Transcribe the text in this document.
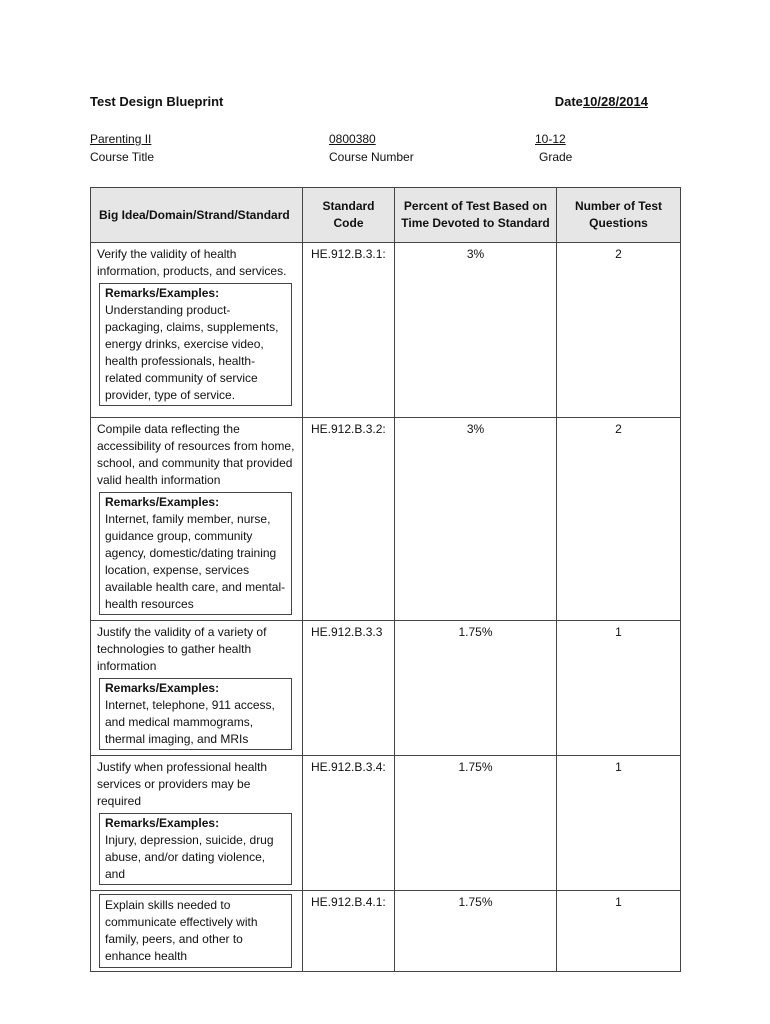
Test Design Blueprint	Date10/28/2014
Parenting II
Course Title
0800380
Course Number
10-12
Grade
Big Idea/Domain/Strand/Standard	Standard Code	Percent of Test Based on Time Devoted to Standard	Number of Test Questions

Verify the validity of health information, products, and services.
Remarks/Examples:
Understanding product-packaging, claims, supplements, energy drinks, exercise video, health professionals, health-related community of service provider, type of service.	HE.912.B.3.1:	3%	2

Compile data reflecting the accessibility of resources from home, school, and community that provided valid health information
Remarks/Examples:
Internet, family member, nurse, guidance group, community agency, domestic/dating training location, expense, services available health care, and mental-health resources	HE.912.B.3.2:	3%	2

Justify the validity of a variety of technologies to gather health information
Remarks/Examples:
Internet, telephone, 911 access, and medical mammograms, thermal imaging, and MRIs	HE.912.B.3.3	1.75%	1

Justify when professional health services or providers may be required
Remarks/Examples:
Injury, depression, suicide, drug abuse, and/or dating violence, and	HE.912.B.3.4:	1.75%	1

Explain skills needed to communicate effectively with family, peers, and other to enhance health	HE.912.B.4.1:	1.75%	1
